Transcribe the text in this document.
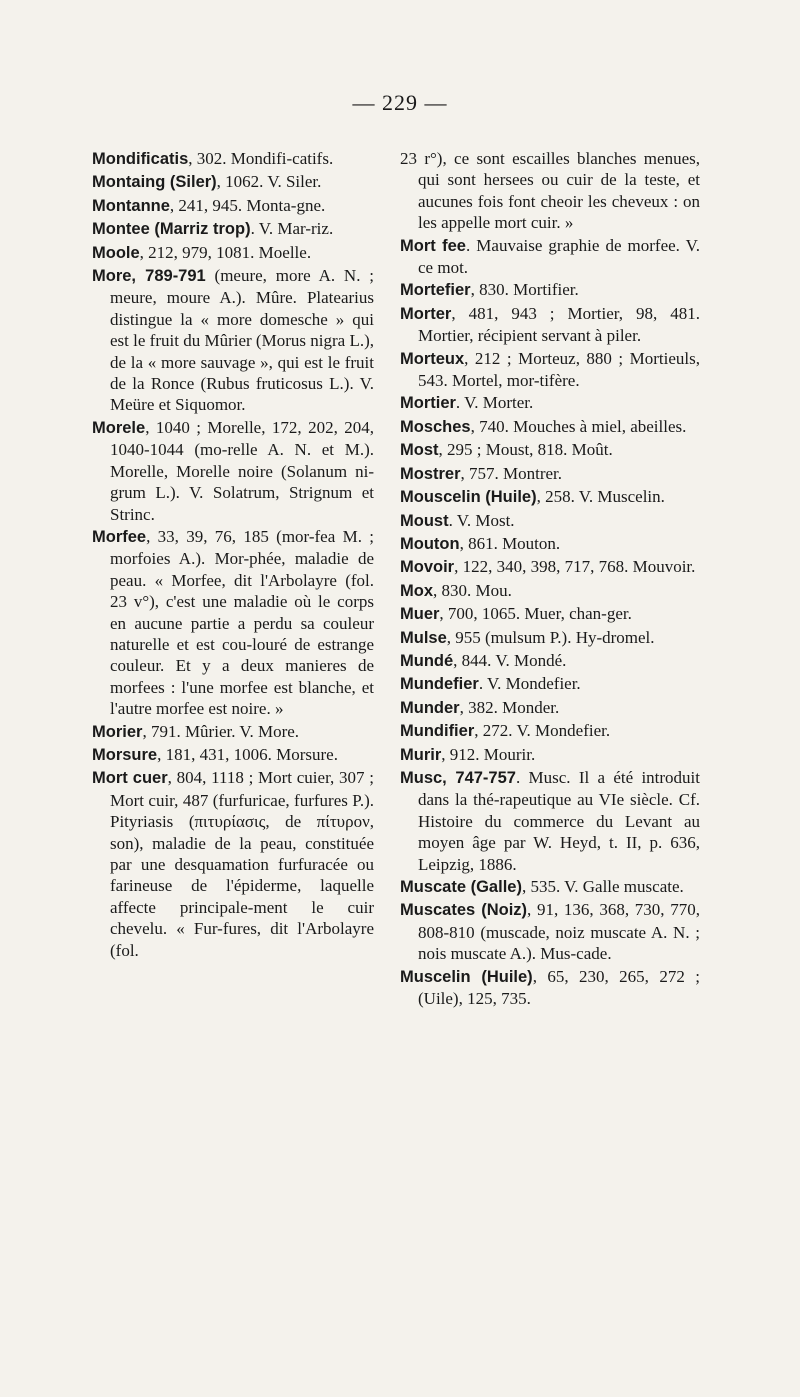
— 229 —

Mondificatis, 302. Mondifi-catifs.

Montaing (Siler), 1062. V. Siler.

Montanne, 241, 945. Monta-gne.

Montee (Marriz trop). V. Mar-riz.

Moole, 212, 979, 1081. Moelle.

More, 789-791 (meure, more A. N. ; meure, moure A.). Mûre. Platearius distingue la « more domesche » qui est le fruit du Mûrier (Morus nigra L.), de la « more sauvage », qui est le fruit de la Ronce (Rubus fruticosus L.). V. Meüre et Siquomor.

Morele, 1040 ; Morelle, 172, 202, 204, 1040-1044 (mo-relle A. N. et M.). Morelle, Morelle noire (Solanum ni-grum L.). V. Solatrum, Strignum et Strinc.

Morfee, 33, 39, 76, 185 (mor-fea M. ; morfoies A.). Mor-phée, maladie de peau. « Morfee, dit l'Arbolayre (fol. 23 v°), c'est une maladie où le corps en aucune partie a perdu sa couleur naturelle et est cou-louré de estrange couleur. Et y a deux manieres de morfees : l'une morfee est blanche, et l'autre morfee est noire. »

Morier, 791. Mûrier. V. More.

Morsure, 181, 431, 1006. Morsure.

Mort cuer, 804, 1118 ; Mort cuier, 307 ; Mort cuir, 487 (furfuricae, furfures P.). Pityriasis (πιτυρίασις, de πίτυρον, son), maladie de la peau, constituée par une desquamation furfuracée ou farineuse de l'épiderme, laquelle affecte principale-ment le cuir chevelu. « Fur-fures, dit l'Arbolayre (fol.

23 r°), ce sont escailles blanches menues, qui sont hersees ou cuir de la teste, et aucunes fois font cheoir les cheveux : on les appelle mort cuir. »

Mort fee. Mauvaise graphie de morfee. V. ce mot.

Mortefier, 830. Mortifier.

Morter, 481, 943 ; Mortier, 98, 481. Mortier, récipient servant à piler.

Morteux, 212 ; Morteuz, 880 ; Mortieuls, 543. Mortel, mor-tifère.

Mortier. V. Morter.

Mosches, 740. Mouches à miel, abeilles.

Most, 295 ; Moust, 818. Moût.

Mostrer, 757. Montrer.

Mouscelin (Huile), 258. V. Muscelin.

Moust. V. Most.

Mouton, 861. Mouton.

Movoir, 122, 340, 398, 717, 768. Mouvoir.

Mox, 830. Mou.

Muer, 700, 1065. Muer, chan-ger.

Mulse, 955 (mulsum P.). Hy-dromel.

Mundé, 844. V. Mondé.

Mundefier. V. Mondefier.

Munder, 382. Monder.

Mundifier, 272. V. Mondefier.

Murir, 912. Mourir.

Musc, 747-757. Musc. Il a été introduit dans la thé-rapeutique au VIe siècle. Cf. Histoire du commerce du Levant au moyen âge par W. Heyd, t. II, p. 636, Leipzig, 1886.

Muscate (Galle), 535. V. Galle muscate.

Muscates (Noiz), 91, 136, 368, 730, 770, 808-810 (muscade, noiz muscate A. N. ; nois muscate A.). Mus-cade.

Muscelin (Huile), 65, 230, 265, 272 ; (Uile), 125, 735.
